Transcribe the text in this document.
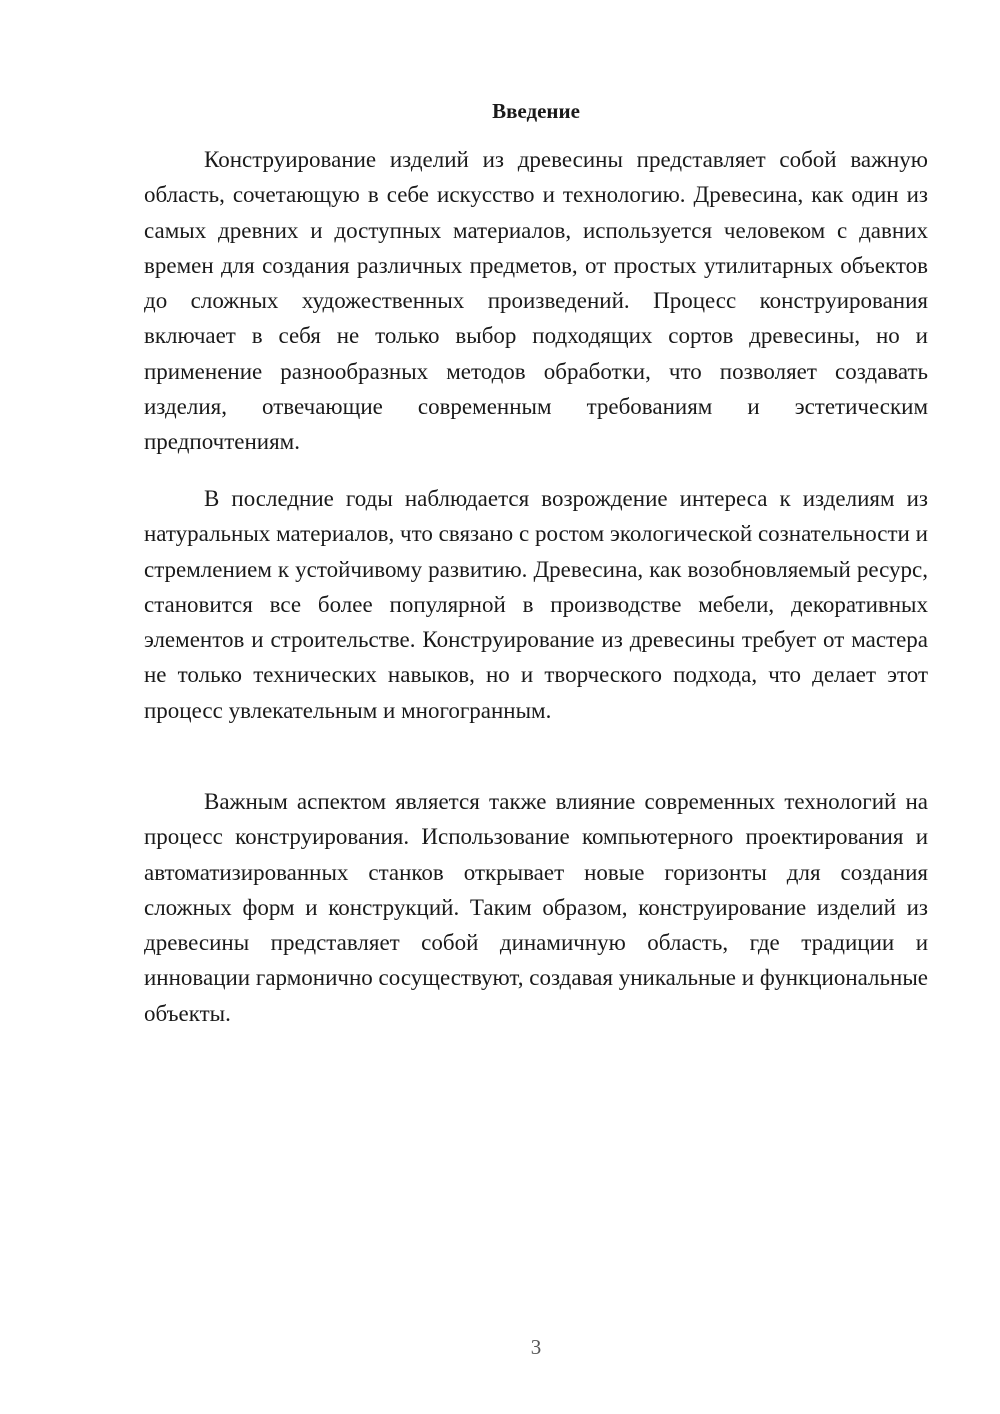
Введение

Конструирование изделий из древесины представляет собой важную область, сочетающую в себе искусство и технологию. Древесина, как один из самых древних и доступных материалов, используется человеком с давних времен для создания различных предметов, от простых утилитарных объектов до сложных художественных произведений. Процесс конструирования включает в себя не только выбор подходящих сортов древесины, но и применение разнообразных методов обработки, что позволяет создавать изделия, отвечающие современным требованиям и эстетическим предпочтениям.

В последние годы наблюдается возрождение интереса к изделиям из натуральных материалов, что связано с ростом экологической сознательности и стремлением к устойчивому развитию. Древесина, как возобновляемый ресурс, становится все более популярной в производстве мебели, декоративных элементов и строительстве. Конструирование из древесины требует от мастера не только технических навыков, но и творческого подхода, что делает этот процесс увлекательным и многогранным.

Важным аспектом является также влияние современных технологий на процесс конструирования. Использование компьютерного проектирования и автоматизированных станков открывает новые горизонты для создания сложных форм и конструкций. Таким образом, конструирование изделий из древесины представляет собой динамичную область, где традиции и инновации гармонично сосуществуют, создавая уникальные и функциональные объекты.

3
